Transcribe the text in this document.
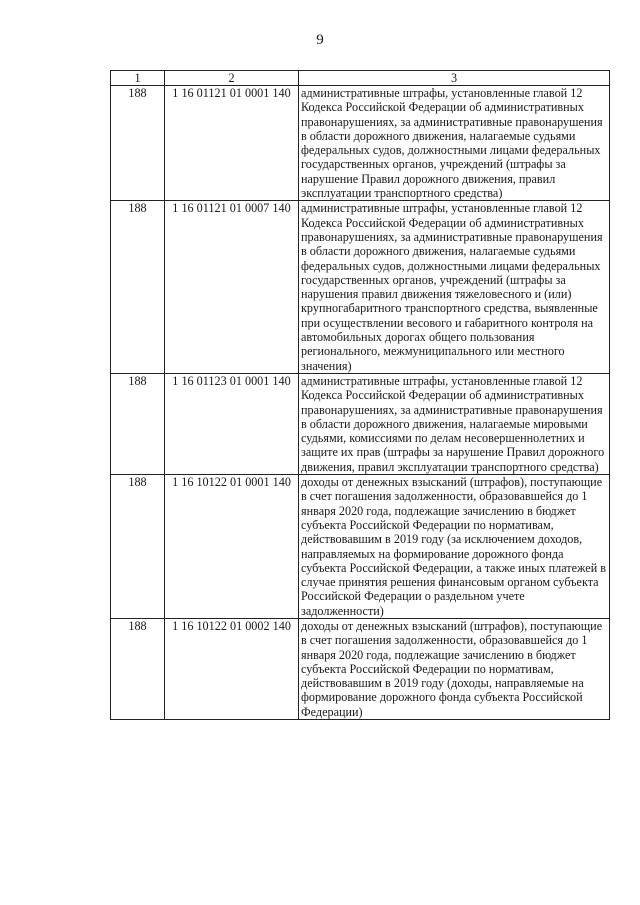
9
1	2	3
188	1 16 01121 01 0001 140	административные штрафы, установленные главой 12 Кодекса Российской Федерации об административных правонарушениях, за административные правонарушения в области дорожного движения, налагаемые судьями федеральных судов, должностными лицами федеральных государственных органов, учреждений (штрафы за нарушение Правил дорожного движения, правил эксплуатации транспортного средства)
188	1 16 01121 01 0007 140	административные штрафы, установленные главой 12 Кодекса Российской Федерации об административных правонарушениях, за административные правонарушения в области дорожного движения, налагаемые судьями федеральных судов, должностными лицами федеральных государственных органов, учреждений (штрафы за нарушения правил движения тяжеловесного и (или) крупногабаритного транспортного средства, выявленные при осуществлении весового и габаритного контроля на автомобильных дорогах общего пользования регионального, межмуниципального или местного значения)
188	1 16 01123 01 0001 140	административные штрафы, установленные главой 12 Кодекса Российской Федерации об административных правонарушениях, за административные правонарушения в области дорожного движения, налагаемые мировыми судьями, комиссиями по делам несовершеннолетних и защите их прав (штрафы за нарушение Правил дорожного движения, правил эксплуатации транспортного средства)
188	1 16 10122 01 0001 140	доходы от денежных взысканий (штрафов), поступающие в счет погашения задолженности, образовавшейся до 1 января 2020 года, подлежащие зачислению в бюджет субъекта Российской Федерации по нормативам, действовавшим в 2019 году (за исключением доходов, направляемых на формирование дорожного фонда субъекта Российской Федерации, а также иных платежей в случае принятия решения финансовым органом субъекта Российской Федерации о раздельном учете задолженности)
188	1 16 10122 01 0002 140	доходы от денежных взысканий (штрафов), поступающие в счет погашения задолженности, образовавшейся до 1 января 2020 года, подлежащие зачислению в бюджет субъекта Российской Федерации по нормативам, действовавшим в 2019 году (доходы, направляемые на формирование дорожного фонда субъекта Российской Федерации)
